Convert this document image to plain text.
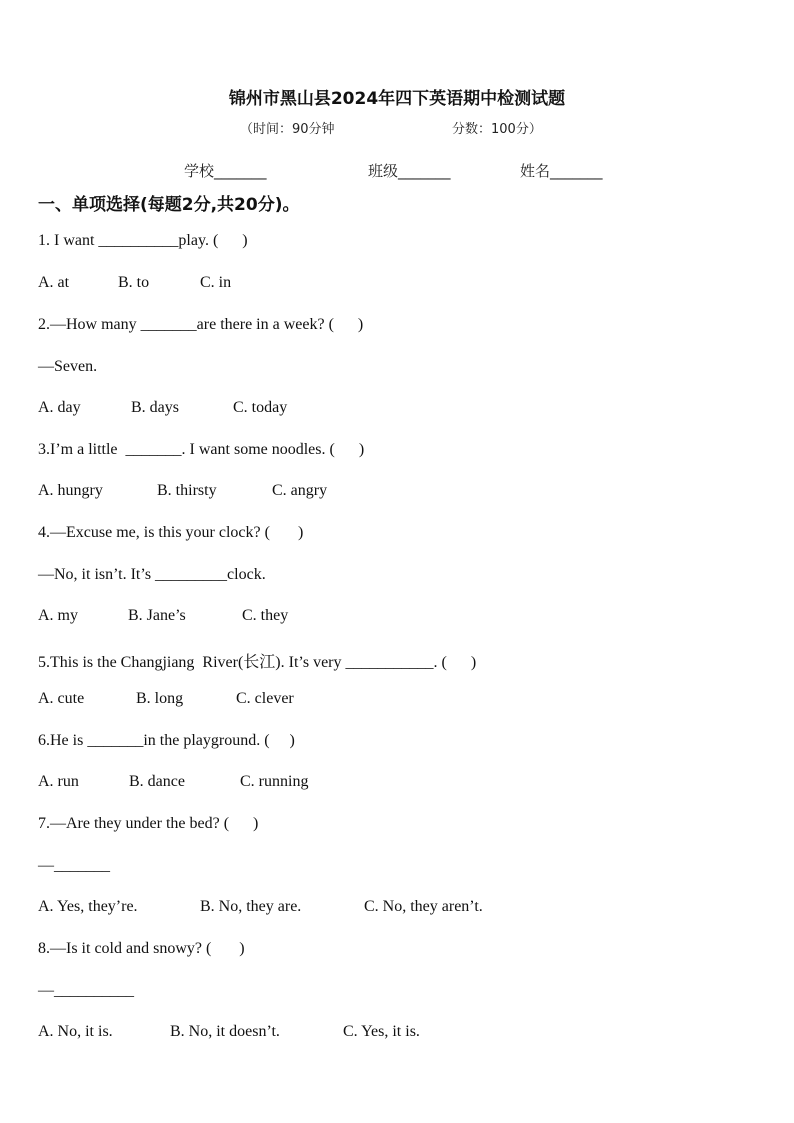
锦州市黑山县2024年四下英语期中检测试题
（时间：90分钟	分数：100分）
学校_______	班级_______	姓名_______
一、单项选择(每题2分,共20分)。
1. I want __________play. (      )
A. at	B. to	C. in
2.—How many _______are there in a week? (      )
—Seven.
A. day	B. days	C. today
3.I’m a little  _______. I want some noodles. (      )
A. hungry	B. thirsty	C. angry
4.—Excuse me, is this your clock? (       )
—No, it isn’t. It’s _________clock.
A. my	B. Jane’s	C. they
5.This is the Changjiang  River(长江). It’s very ___________. (      )
A. cute	B. long	C. clever
6.He is _______in the playground. (     )
A. run	B. dance	C. running
7.—Are they under the bed? (      )
—_______
A. Yes, they’re.	B. No, they are.	C. No, they aren’t.
8.—Is it cold and snowy? (       )
—__________
A. No, it is.	B. No, it doesn’t.	C. Yes, it is.
